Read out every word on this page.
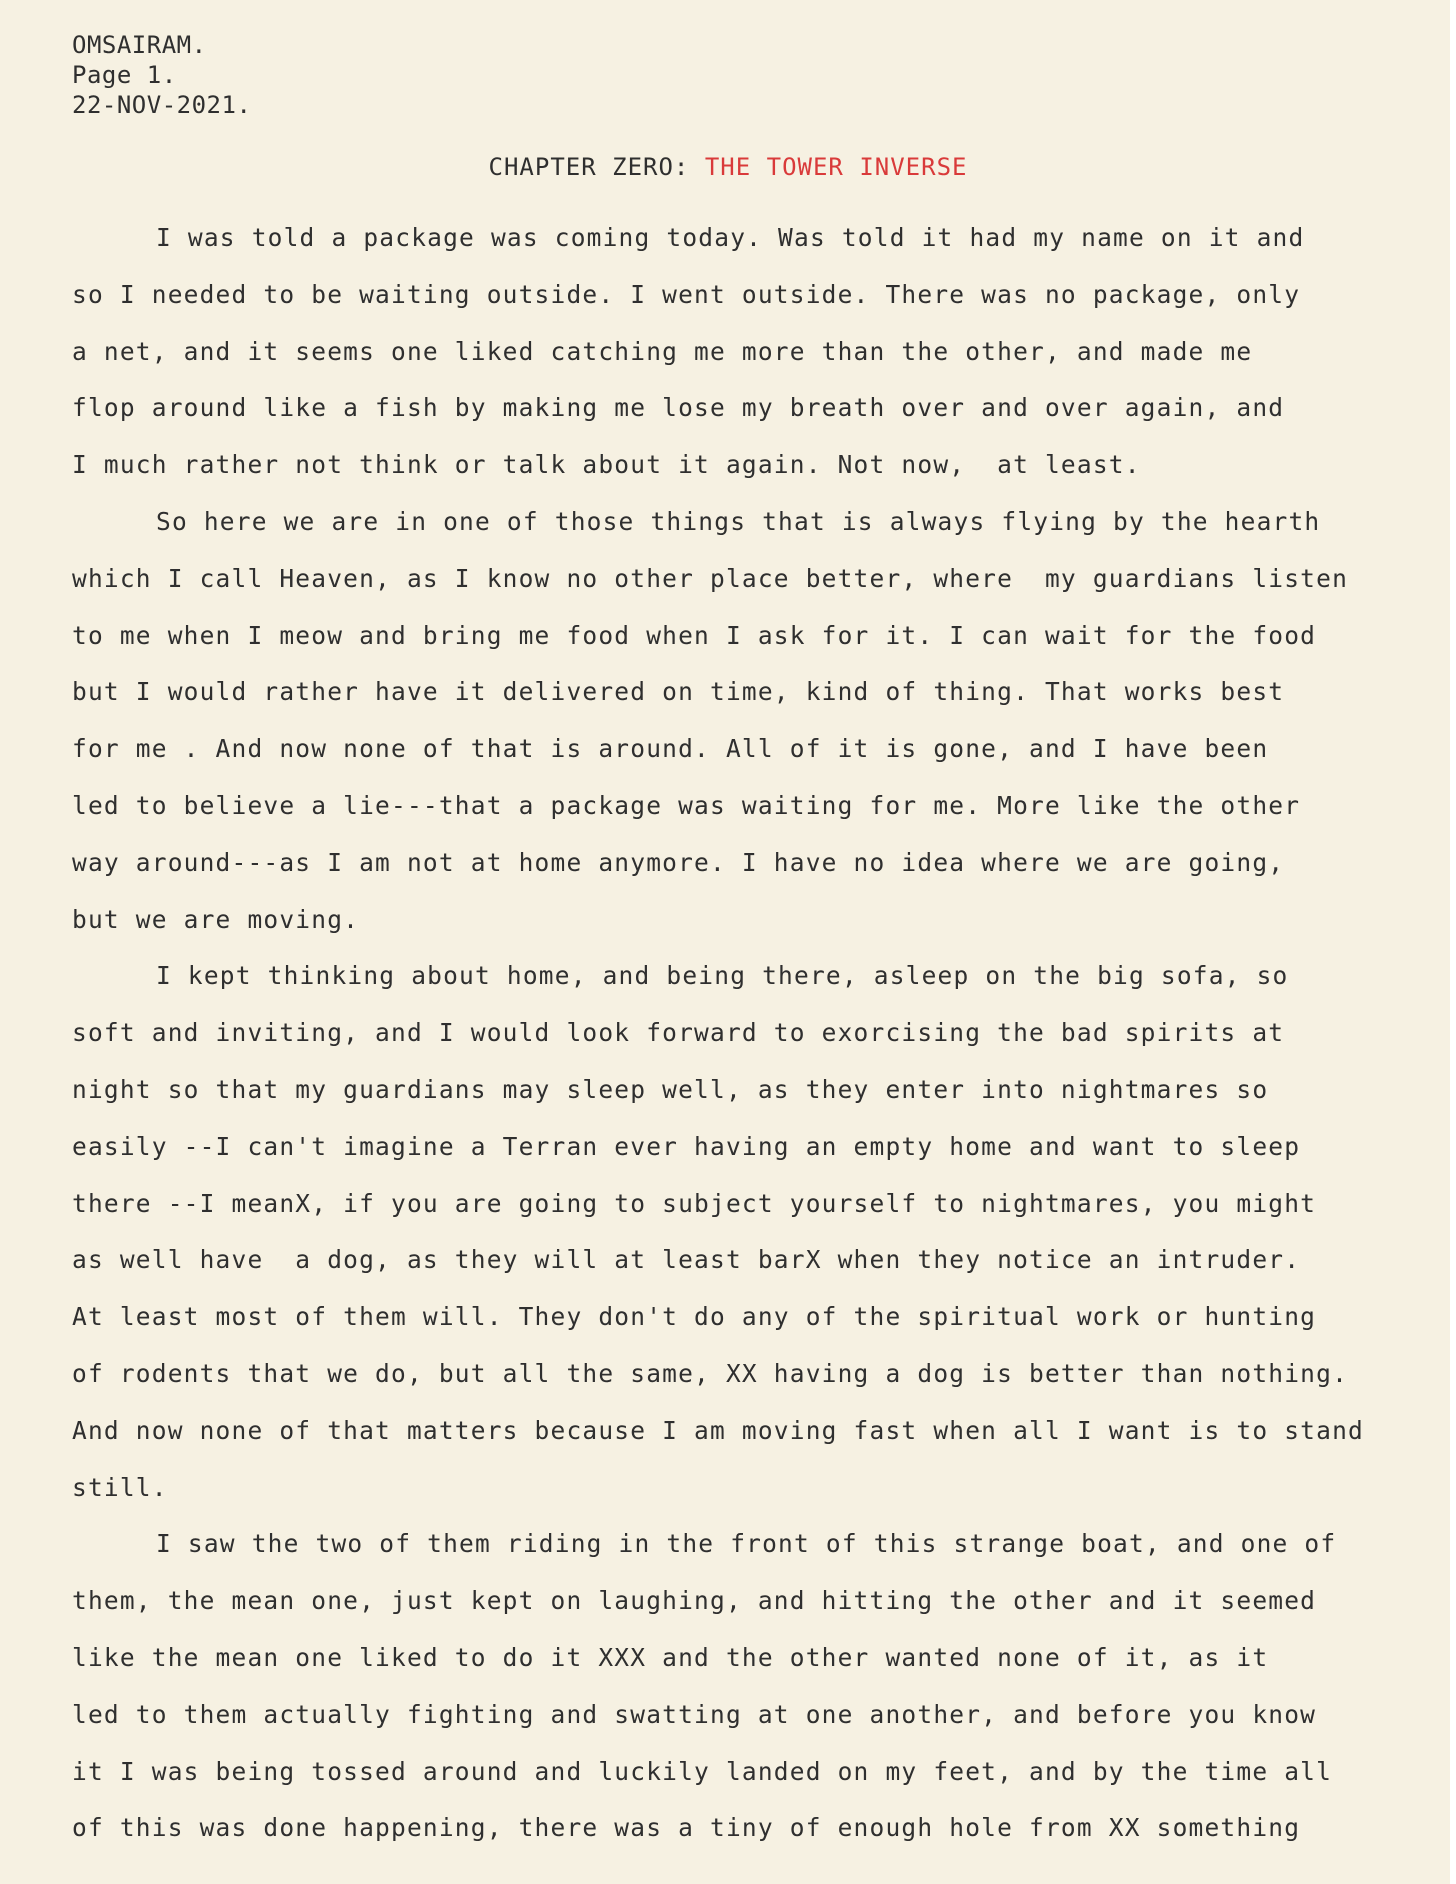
OMSAIRAM.
Page 1.
22-NOV-2021.
CHAPTER ZERO: THE TOWER INVERSE
I was told a package was coming today. Was told it had my name on it and
so I needed to be waiting outside. I went outside. There was no package, only
a net, and it seems one liked catching me more than the other, and made me
flop around like a fish by making me lose my breath over and over again, and
I much rather not think or talk about it again. Not now,  at least.
So here we are in one of those things that is always flying by the hearth
which I call Heaven, as I know no other place better, where  my guardians listen
to me when I meow and bring me food when I ask for it. I can wait for the food
but I would rather have it delivered on time, kind of thing. That works best
for me . And now none of that is around. All of it is gone, and I have been
led to believe a lie---that a package was waiting for me. More like the other
way around---as I am not at home anymore. I have no idea where we are going,
but we are moving.
I kept thinking about home, and being there, asleep on the big sofa, so
soft and inviting, and I would look forward to exorcising the bad spirits at
night so that my guardians may sleep well, as they enter into nightmares so
easily --I can't imagine a Terran ever having an empty home and want to sleep
there --I meanX, if you are going to subject yourself to nightmares, you might
as well have  a dog, as they will at least barX when they notice an intruder.
At least most of them will. They don't do any of the spiritual work or hunting
of rodents that we do, but all the same, XX having a dog is better than nothing.
And now none of that matters because I am moving fast when all I want is to stand
still.
I saw the two of them riding in the front of this strange boat, and one of
them, the mean one, just kept on laughing, and hitting the other and it seemed
like the mean one liked to do it XXX and the other wanted none of it, as it
led to them actually fighting and swatting at one another, and before you know
it I was being tossed around and luckily landed on my feet, and by the time all
of this was done happening, there was a tiny of enough hole from XX something
